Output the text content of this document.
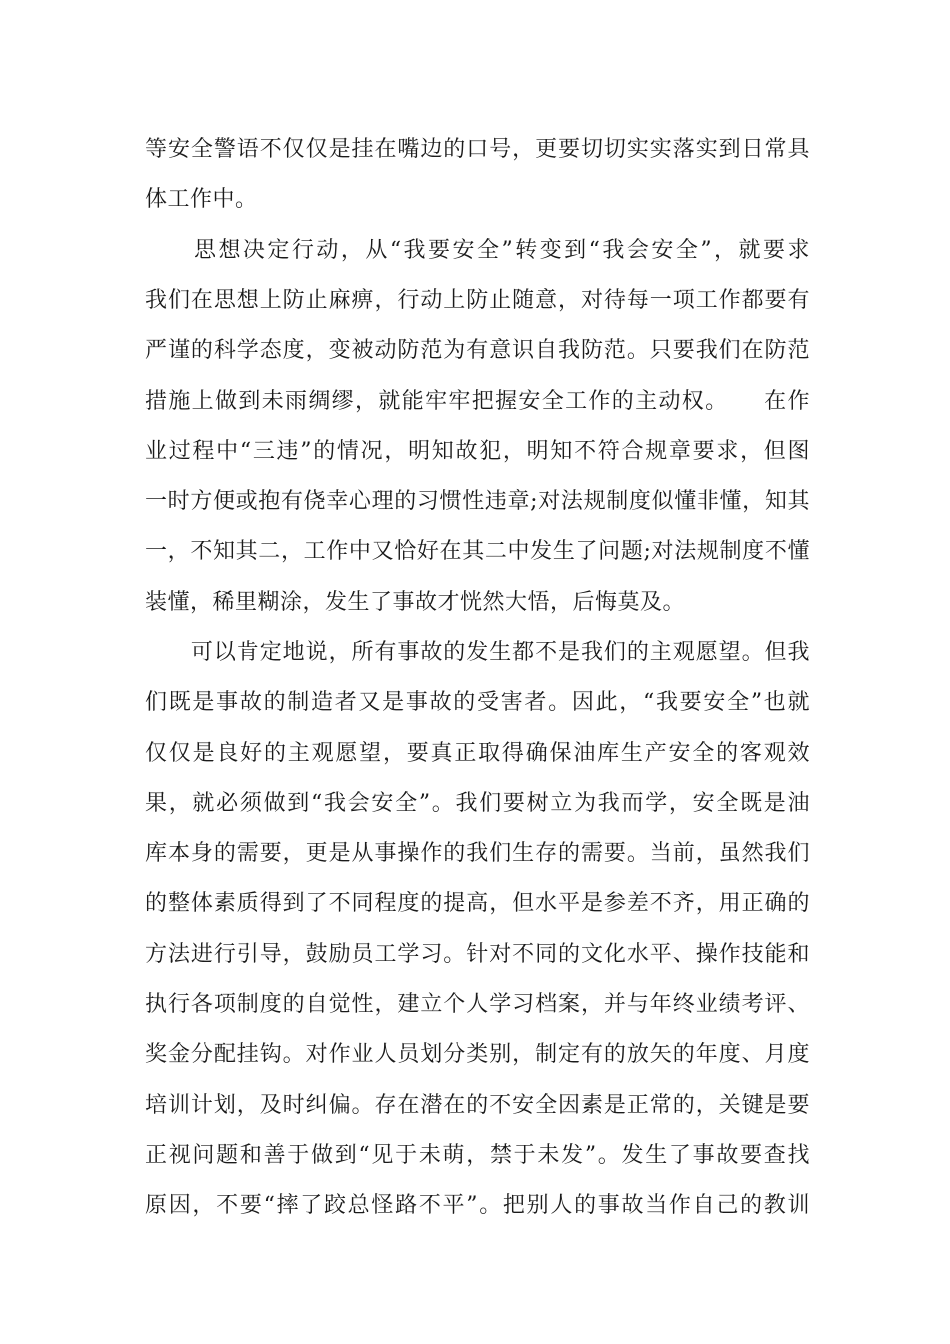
等安全警语不仅仅是挂在嘴边的口号，更要切切实实落实到日常具
体工作中。
　　思想决定行动，从“我要安全”转变到“我会安全”，就要求
我们在思想上防止麻痹，行动上防止随意，对待每一项工作都要有
严谨的科学态度，变被动防范为有意识自我防范。只要我们在防范
措施上做到未雨绸缪，就能牢牢把握安全工作的主动权。　　在作
业过程中“三违”的情况，明知故犯，明知不符合规章要求，但图
一时方便或抱有侥幸心理的习惯性违章;对法规制度似懂非懂，知其
一，不知其二，工作中又恰好在其二中发生了问题;对法规制度不懂
装懂，稀里糊涂，发生了事故才恍然大悟，后悔莫及。
　　可以肯定地说，所有事故的发生都不是我们的主观愿望。但我
们既是事故的制造者又是事故的受害者。因此，“我要安全”也就
仅仅是良好的主观愿望，要真正取得确保油库生产安全的客观效
果，就必须做到“我会安全”。我们要树立为我而学，安全既是油
库本身的需要，更是从事操作的我们生存的需要。当前，虽然我们
的整体素质得到了不同程度的提高，但水平是参差不齐，用正确的
方法进行引导，鼓励员工学习。针对不同的文化水平、操作技能和
执行各项制度的自觉性，建立个人学习档案，并与年终业绩考评、
奖金分配挂钩。对作业人员划分类别，制定有的放矢的年度、月度
培训计划，及时纠偏。存在潜在的不安全因素是正常的，关键是要
正视问题和善于做到“见于未萌，禁于未发”。发生了事故要查找
原因，不要“摔了跤总怪路不平”。把别人的事故当作自己的教训
